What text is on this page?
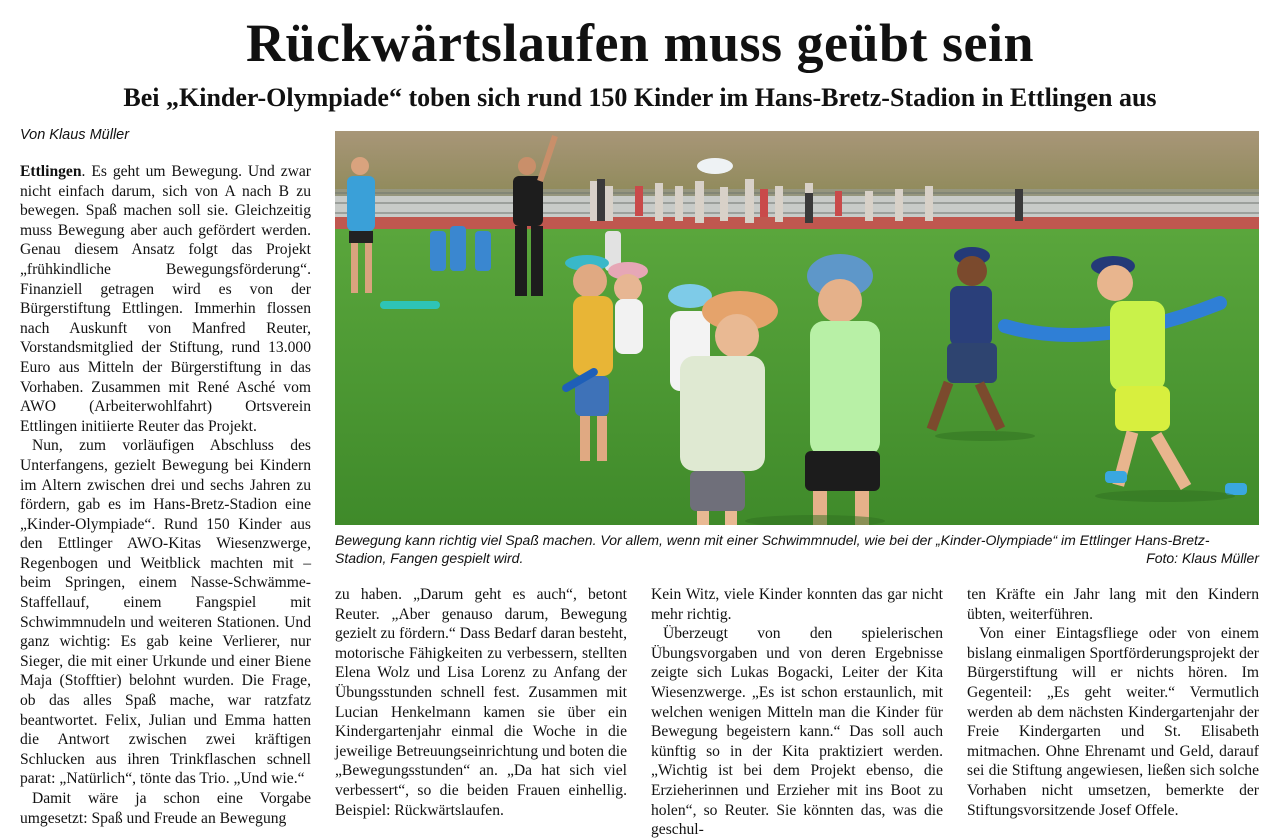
Rückwärtslaufen muss geübt sein
Bei „Kinder-Olympiade“ toben sich rund 150 Kinder im Hans-Bretz-Stadion in Ettlingen aus
Von Klaus Müller

Ettlingen. Es geht um Bewegung. Und zwar nicht einfach darum, sich von A nach B zu bewegen. Spaß machen soll sie. Gleichzeitig muss Bewegung aber auch gefördert werden. Genau diesem Ansatz folgt das Projekt „frühkindliche Bewegungsförderung“. Finanziell getragen wird es von der Bürgerstiftung Ettlingen. Immerhin flossen nach Auskunft von Manfred Reuter, Vorstandsmitglied der Stiftung, rund 13.000 Euro aus Mitteln der Bürgerstiftung in das Vorhaben. Zusammen mit René Asché vom AWO (Arbeiterwohlfahrt) Ortsverein Ettlingen initiierte Reuter das Projekt.

Nun, zum vorläufigen Abschluss des Unterfangens, gezielt Bewegung bei Kindern im Altern zwischen drei und sechs Jahren zu fördern, gab es im Hans-Bretz-Stadion eine „Kinder-Olympiade“. Rund 150 Kinder aus den Ettlinger AWO-Kitas Wiesenzwerge, Regenbogen und Weitblick machten mit – beim Springen, einem Nasse-Schwämme-Staffellauf, einem Fangspiel mit Schwimmnudeln und weiteren Stationen. Und ganz wichtig: Es gab keine Verlierer, nur Sieger, die mit einer Urkunde und einer Biene Maja (Stofftier) belohnt wurden. Die Frage, ob das alles Spaß mache, war ratzfatz beantwortet. Felix, Julian und Emma hatten die Antwort zwischen zwei kräftigen Schlucken aus ihren Trinkflaschen schnell parat: „Natürlich“, tönte das Trio. „Und wie.“

Damit wäre ja schon eine Vorgabe umgesetzt: Spaß und Freude an Bewegung

Bewegung kann richtig viel Spaß machen. Vor allem, wenn mit einer Schwimmnudel, wie bei der „Kinder-Olympiade“ im Ettlinger Hans-Bretz-Stadion, Fangen gespielt wird.	Foto: Klaus Müller

zu haben. „Darum geht es auch“, betont Reuter. „Aber genauso darum, Bewegung gezielt zu fördern.“ Dass Bedarf daran besteht, motorische Fähigkeiten zu verbessern, stellten Elena Wolz und Lisa Lorenz zu Anfang der Übungsstunden schnell fest. Zusammen mit Lucian Henkelmann kamen sie über ein Kindergartenjahr einmal die Woche in die jeweilige Betreuungseinrichtung und boten die „Bewegungsstunden“ an. „Da hat sich viel verbessert“, so die beiden Frauen einhellig. Beispiel: Rückwärtslaufen.

Kein Witz, viele Kinder konnten das gar nicht mehr richtig.

Überzeugt von den spielerischen Übungsvorgaben und von deren Ergebnisse zeigte sich Lukas Bogacki, Leiter der Kita Wiesenzwerge. „Es ist schon erstaunlich, mit welchen wenigen Mitteln man die Kinder für Bewegung begeistern kann.“ Das soll auch künftig so in der Kita praktiziert werden. „Wichtig ist bei dem Projekt ebenso, die Erzieherinnen und Erzieher mit ins Boot zu holen“, so Reuter. Sie könnten das, was die geschul-

ten Kräfte ein Jahr lang mit den Kindern übten, weiterführen.

Von einer Eintagsfliege oder von einem bislang einmaligen Sportförderungsprojekt der Bürgerstiftung will er nichts hören. Im Gegenteil: „Es geht weiter.“ Vermutlich werden ab dem nächsten Kindergartenjahr der Freie Kindergarten und St. Elisabeth mitmachen. Ohne Ehrenamt und Geld, darauf sei die Stiftung angewiesen, ließen sich solche Vorhaben nicht umsetzen, bemerkte der Stiftungsvorsitzende Josef Offele.
